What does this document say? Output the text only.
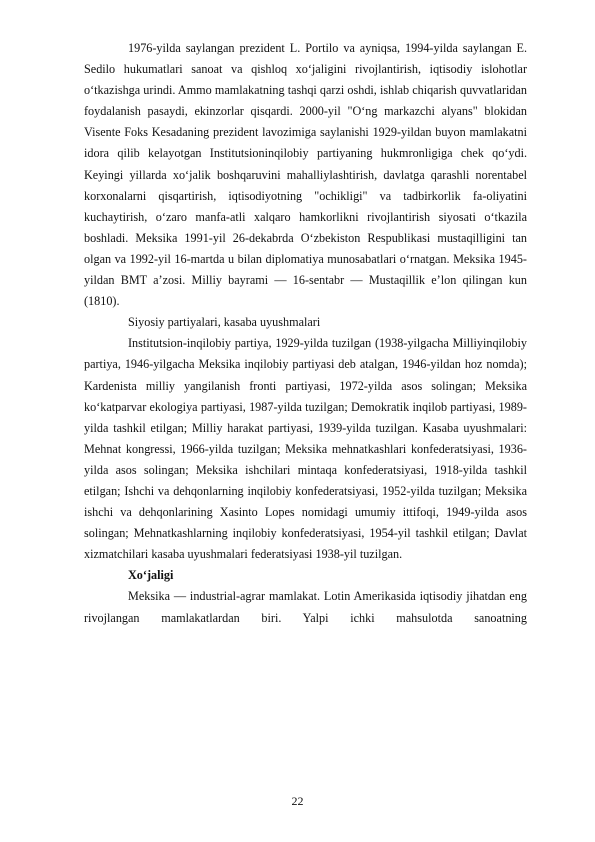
1976-yilda saylangan prezident L. Portilo va ayniqsa, 1994-yilda saylangan E. Sedilo hukumatlari sanoat va qishloq xo‘jaligini rivojlantirish, iqtisodiy islohotlar o‘tkazishga urindi. Ammo mamlakatning tashqi qarzi oshdi, ishlab chiqarish quvvatlaridan foydalanish pasaydi, ekinzorlar qisqardi. 2000-yil "O‘ng markazchi alyans" blokidan Visente Foks Kesadaning prezident lavozimiga saylanishi 1929-yildan buyon mamlakatni idora qilib kelayotgan Institutsioninqilobiy partiyaning hukmronligiga chek qo‘ydi. Keyingi yillarda xo‘jalik boshqaruvini mahalliylashtirish, davlatga qarashli norentabel korxonalarni qisqartirish, iqtisodiyotning "ochikligi" va tadbirkorlik fa-oliyatini kuchaytirish, o‘zaro manfa-atli xalqaro hamkorlikni rivojlantirish siyosati o‘tkazila boshladi. Meksika 1991-yil 26-dekabrda O‘zbekiston Respublikasi mustaqilligini tan olgan va 1992-yil 16-martda u bilan diplomatiya munosabatlari o‘rnatgan. Meksika 1945-yildan BMT a’zosi. Milliy bayrami — 16-sentabr — Mustaqillik e’lon qilingan kun (1810).

Siyosiy partiyalari, kasaba uyushmalari

Institutsion-inqilobiy partiya, 1929-yilda tuzilgan (1938-yilgacha Milliyinqilobiy partiya, 1946-yilgacha Meksika inqilobiy partiyasi deb atalgan, 1946-yildan hoz nomda); Kardenista milliy yangilanish fronti partiyasi, 1972-yilda asos solingan; Meksika ko‘katparvar ekologiya partiyasi, 1987-yilda tuzilgan; Demokratik inqilob partiyasi, 1989-yilda tashkil etilgan; Milliy harakat partiyasi, 1939-yilda tuzilgan. Kasaba uyushmalari: Mehnat kongressi, 1966-yilda tuzilgan; Meksika mehnatkashlari konfederatsiyasi, 1936-yilda asos solingan; Meksika ishchilari mintaqa konfederatsiyasi, 1918-yilda tashkil etilgan; Ishchi va dehqonlarning inqilobiy konfederatsiyasi, 1952-yilda tuzilgan; Meksika ishchi va dehqonlarining Xasinto Lopes nomidagi umumiy ittifoqi, 1949-yilda asos solingan; Mehnatkashlarning inqilobiy konfederatsiyasi, 1954-yil tashkil etilgan; Davlat xizmatchilari kasaba uyushmalari federatsiyasi 1938-yil tuzilgan.

Xo‘jaligi

Meksika — industrial-agrar mamlakat. Lotin Amerikasida iqtisodiy jihatdan eng rivojlangan mamlakatlardan biri. Yalpi ichki mahsulotda sanoatning

22
